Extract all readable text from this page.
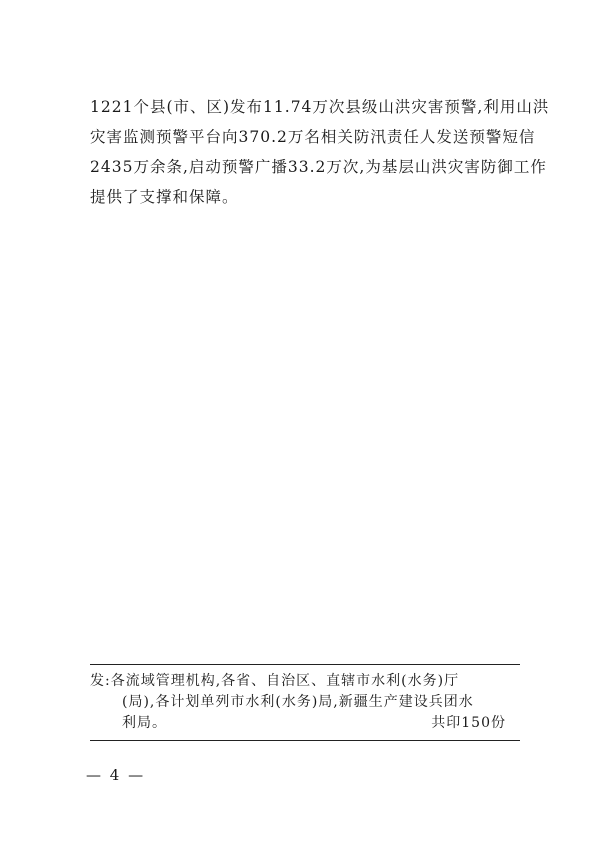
1221个县(市、区)发布11.74万次县级山洪灾害预警,利用山洪

灾害监测预警平台向370.2万名相关防汛责任人发送预警短信

2435万余条,启动预警广播33.2万次,为基层山洪灾害防御工作

提供了支撑和保障。

发:各流域管理机构,各省、自治区、直辖市水利(水务)厅
(局),各计划单列市水利(水务)局,新疆生产建设兵团水
利局。	共印150份
— 4 —
